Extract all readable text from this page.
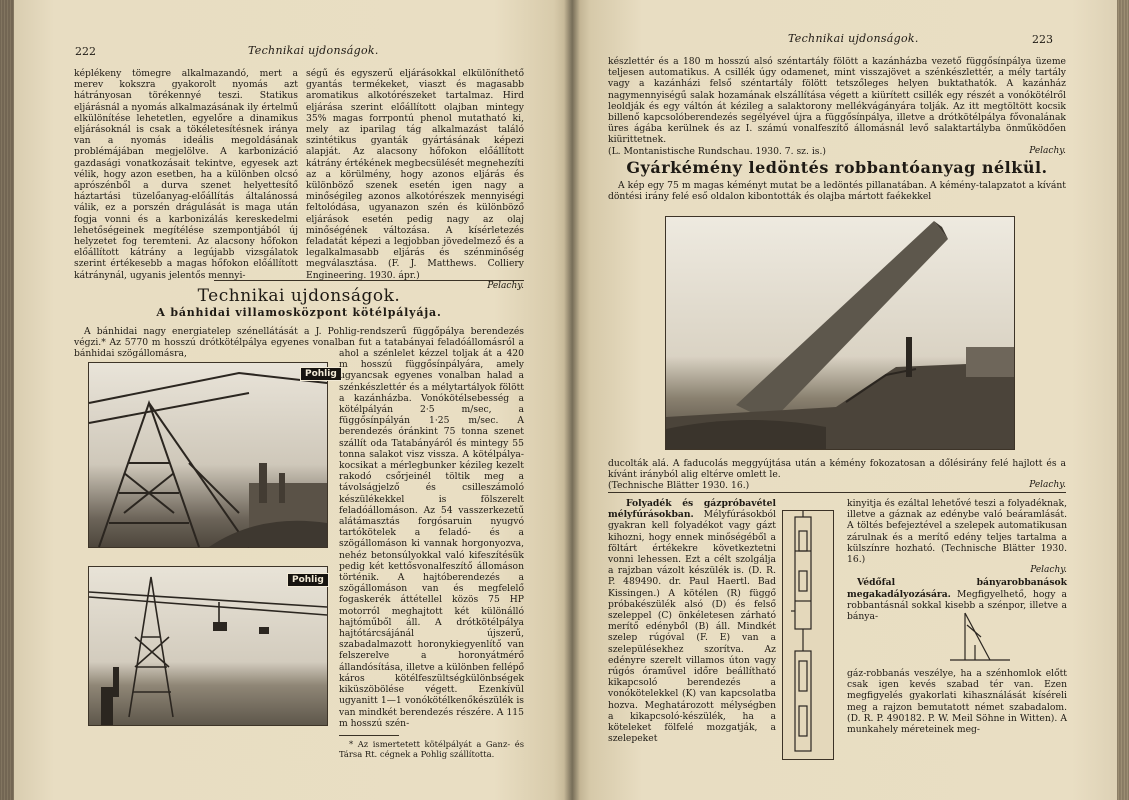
222	Technikai ujdonságok.

képlékeny tömegre alkalmazandó, mert a merev kokszra gyakorolt nyomás azt hátrányosan törékennyé teszi. Statikus eljárásnál a nyomás alkalmazásának ily értelmű elkülönítése lehetetlen, egyelőre a dinamikus eljárásoknál is csak a tökéletesítésnek iránya van a nyomás ideális megoldásának problémájában megjelölve. A karbonizáció gazdasági vonatkozásait tekintve, egyesek azt vélik, hogy azon esetben, ha a különben olcsó aprószénből a durva szenet helyettesítő háztartási tüzelőanyag-előállítás általánossá válik, ez a porszén drágulását is maga után fogja vonni és a karbonizálás kereskedelmi lehetőségeinek megítélése szempontjából új helyzetet fog teremteni. Az alacsony hőfokon előállított kátrány a legújabb vizsgálatok szerint értékesebb a magas hőfokon előállított kátránynál, ugyanis jelentős mennyi-

ségű és egyszerű eljárásokkal elkülöníthető gyantás termékeket, viaszt és magasabb aromatikus alkotórészeket tartalmaz. Hird eljárása szerint előállított olajban mintegy 35% magas forrpontú phenol mutatható ki, mely az iparilag tág alkalmazást találó szintétikus gyanták gyártásának képezi alapját. Az alacsony hőfokon előállított kátrány értékének megbecsülését megnehezíti az a körülmény, hogy azonos eljárás és különböző szenek esetén igen nagy a minőségileg azonos alkotórészek mennyiségi feltolódása, ugyanazon szén és különböző eljárások esetén pedig nagy az olaj minőségének változása. A kísérletezés feladatát képezi a legjobban jövedelmező és a legalkalmasabb eljárás és szénminőség megválasztása. (F. J. Matthews. Colliery Engineering. 1930. ápr.)

Pelachy.
Technikai ujdonságok.
A bánhidai villamosközpont kötélpályája.

A bánhidai nagy energiatelep szénellátását a J. Pohlig-rendszerű függőpálya berendezés végzi.* Az 5770 m hosszú drótkötélpálya egyenes vonalban fut a tatabányai feladóállomásról a bánhidai szögállomásra,

Pohlig
Pohlig

ahol a szénlelet kézzel toljak át a 420 m hosszú függősínpályára, amely ugyancsak egyenes vonalban halad a szénkészlettér és a mélytartályok fölött a kazánházba. Vonókötélsebesség a kötélpályán 2·5 m/sec, a függősínpályán 1·25 m/sec. A berendezés óránkint 75 tonna szenet szállít oda Tatabányáról és mintegy 55 tonna salakot visz vissza. A kötélpálya-kocsikat a mérlegbunker kézileg kezelt rakodó csőrjeinél töltik meg a távolságjelző és csilleszámoló készülékekkel is fölszerelt feladóállomáson. Az 54 vasszerkezetű alátámasztás forgósaruin nyugvó tartókötelek a feladó- és a szögállomáson ki vannak horgonyozva, nehéz betonsúlyokkal való kifeszítésük pedig két kettősvonalfeszítő állomáson történik. A hajtóberendezés a szögállomáson van és megfelelő fogaskerék áttétellel közös 75 HP motorról meghajtott két különálló hajtóműből áll. A drótkötélpálya hajtótárcsájánál újszerű, szabadalmazott horonykiegyenlítő van felszerelve a horonyátmérő állandósítása, illetve a különben fellépő káros kötélfeszültségkülönbségek kiküszöbölése végett. Ezenkívül ugyanitt 1—1 vonókötélkenőkészülék is van mindkét berendezés részére. A 115 m hosszú szén-

* Az ismertetett kötélpályát a Ganz- és Társa Rt. cégnek a Pohlig szállította.

Technikai ujdonságok.	223

készlettér és a 180 m hosszú alsó széntartály fölött a kazánházba vezető függősínpálya üzeme teljesen automatikus. A csillék úgy odamenet, mint visszajövet a szénkészlettér, a mély tartály vagy a kazánházi felső széntartály fölött tetszőleges helyen buktathatók. A kazánház nagymennyiségű salak hozamának elszállítása végett a kiürített csillék egy részét a vonókötélről leoldják és egy váltón át kézileg a salaktorony mellékvágányára tolják. Az itt megtöltött kocsik billenő kapcsolóberendezés segélyével újra a függősínpálya, illetve a drótkötélpálya fővonalának üres ágába kerülnek és az I. számú vonalfeszítő állomásnál levő salaktartályba önműködően kiürittetnek.

(L. Montanistische Rundschau. 1930. 7. sz. is.)	Pelachy.
Gyárkémény ledöntés robbantóanyag nélkül.

A kép egy 75 m magas kéményt mutat be a ledöntés pillanatában. A kémény-talapzatot a kívánt döntési irány felé eső oldalon kibontották és olajba mártott faékekkel

ducolták alá. A faducolás meggyújtása után a kémény fokozatosan a dőlésirány felé hajlott és a kívánt irányból alig eltérve omlett le.

(Technische Blätter 1930. 16.)	Pelachy.

Folyadék és gázpróbavétel mélyfúrásokban. Mélyfúrásokból gyakran kell folyadékot vagy gázt kihozni, hogy ennek minőségéből a föltárt értékekre következtetni vonni lehessen. Ezt a célt szolgálja a rajzban vázolt készülék is. (D. R. P. 489490. dr. Paul Haertl. Bad Kissingen.) A kötélen (R) függő próbakészülék alsó (D) és felső szeleppel (C) önkéletesen zárható merítő edényből (B) áll. Mindkét szelep rúgóval (F. E) van a szelepülésekhez szorítva. Az edényre szerelt villamos úton vagy rúgós óraművel időre beállítható kikapcsoló berendezés a vonókötelekkel (K) van kapcsolatba hozva. Meghatározott mélységben a kikapcsoló-készülék, ha a köteleket fölfelé mozgatják, a szelepeket

kinyitja és ezáltal lehetővé teszi a folyadéknak, illetve a gáznak az edénybe való beáramlását. A töltés befejeztével a szelepek automatikusan zárulnak és a merítő edény teljes tartalma a külszínre hozható. (Technische Blätter 1930. 16.)

Pelachy.

Védőfal bányarobbanások megakadályozására. Megfigyelhető, hogy a robbantásnál sokkal kisebb a szénpor, illetve a bánya-

gáz-robbanás veszélye, ha a szénhomlok előtt csak igen kevés szabad tér van. Ezen megfigyelés gyakorlati kihasználását kíséreli meg a rajzon bemutatott német szabadalom. (D. R. P. 490182. P. W. Meil Söhne in Witten). A munkahely méreteinek meg-
